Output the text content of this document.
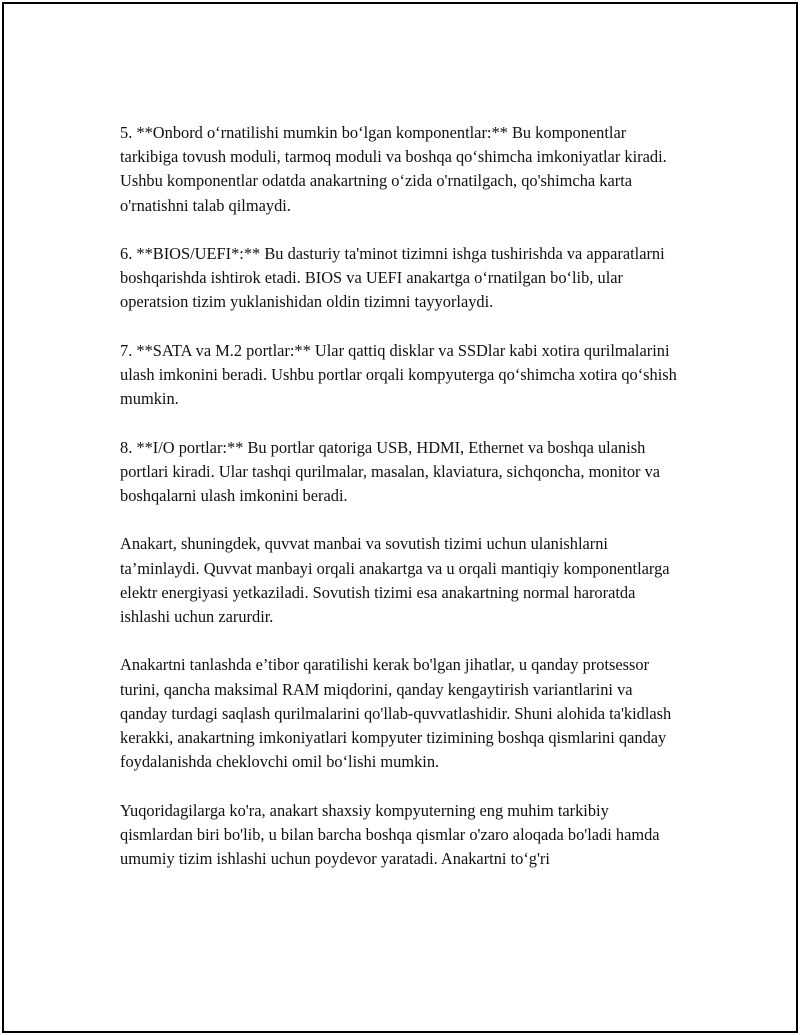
5. **Onbord o‘rnatilishi mumkin bo‘lgan komponentlar:** Bu komponentlar tarkibiga tovush moduli, tarmoq moduli va boshqa qo‘shimcha imkoniyatlar kiradi. Ushbu komponentlar odatda anakartning o‘zida o'rnatilgach, qo'shimcha karta o'rnatishni talab qilmaydi.

6. **BIOS/UEFI*:** Bu dasturiy ta'minot tizimni ishga tushirishda va apparatlarni boshqarishda ishtirok etadi. BIOS va UEFI anakartga o‘rnatilgan bo‘lib, ular operatsion tizim yuklanishidan oldin tizimni tayyorlaydi.

7. **SATA va M.2 portlar:** Ular qattiq disklar va SSDlar kabi xotira qurilmalarini ulash imkonini beradi. Ushbu portlar orqali kompyuterga qo‘shimcha xotira qo‘shish mumkin.

8. **I/O portlar:** Bu portlar qatoriga USB, HDMI, Ethernet va boshqa ulanish portlari kiradi. Ular tashqi qurilmalar, masalan, klaviatura, sichqoncha, monitor va boshqalarni ulash imkonini beradi.

Anakart, shuningdek, quvvat manbai va sovutish tizimi uchun ulanishlarni ta’minlaydi. Quvvat manbayi orqali anakartga va u orqali mantiqiy komponentlarga elektr energiyasi yetkaziladi. Sovutish tizimi esa anakartning normal haroratda ishlashi uchun zarurdir.

Anakartni tanlashda e’tibor qaratilishi kerak bo'lgan jihatlar, u qanday protsessor turini, qancha maksimal RAM miqdorini, qanday kengaytirish variantlarini va qanday turdagi saqlash qurilmalarini qo'llab-quvvatlashidir. Shuni alohida ta'kidlash kerakki, anakartning imkoniyatlari kompyuter tizimining boshqa qismlarini qanday foydalanishda cheklovchi omil bo‘lishi mumkin.

Yuqoridagilarga ko'ra, anakart shaxsiy kompyuterning eng muhim tarkibiy qismlardan biri bo'lib, u bilan barcha boshqa qismlar o'zaro aloqada bo'ladi hamda umumiy tizim ishlashi uchun poydevor yaratadi. Anakartni to‘g'ri
